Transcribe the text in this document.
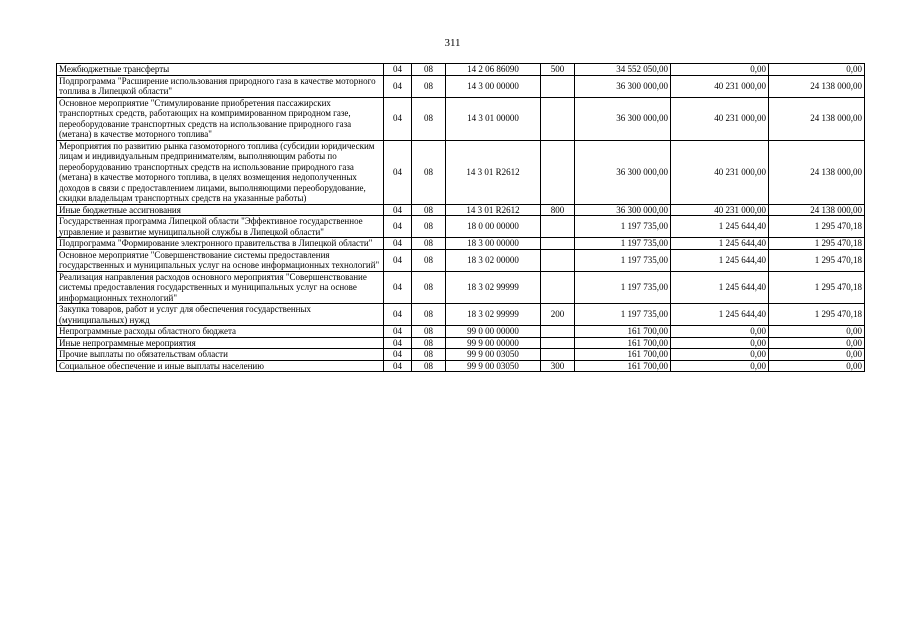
311
Межбюджетные трансферты	04	08	14 2 06 86090	500	34 552 050,00	0,00	0,00
Подпрограмма "Расширение использования природного газа в качестве моторного топлива в Липецкой области"	04	08	14 3 00 00000		36 300 000,00	40 231 000,00	24 138 000,00
Основное мероприятие "Стимулирование приобретения пассажирских транспортных средств, работающих на компримированном природном газе, переоборудование транспортных средств на использование природного газа (метана) в качестве моторного топлива"	04	08	14 3 01 00000		36 300 000,00	40 231 000,00	24 138 000,00
Мероприятия по развитию рынка газомоторного топлива (субсидии юридическим лицам и индивидуальным предпринимателям, выполняющим работы по переоборудованию транспортных средств на использование природного газа (метана) в качестве моторного топлива, в целях возмещения недополученных доходов в связи с предоставлением лицами, выполняющими переоборудование, скидки владельцам транспортных средств на указанные работы)	04	08	14 3 01 R2612		36 300 000,00	40 231 000,00	24 138 000,00
Иные бюджетные ассигнования	04	08	14 3 01 R2612	800	36 300 000,00	40 231 000,00	24 138 000,00
Государственная программа Липецкой области "Эффективное государственное управление и развитие муниципальной службы в Липецкой области"	04	08	18 0 00 00000		1 197 735,00	1 245 644,40	1 295 470,18
Подпрограмма "Формирование электронного правительства в Липецкой области"	04	08	18 3 00 00000		1 197 735,00	1 245 644,40	1 295 470,18
Основное мероприятие "Совершенствование системы предоставления государственных и муниципальных услуг на основе информационных технологий"	04	08	18 3 02 00000		1 197 735,00	1 245 644,40	1 295 470,18
Реализация направления расходов основного мероприятия "Совершенствование системы предоставления государственных и муниципальных услуг на основе информационных технологий"	04	08	18 3 02 99999		1 197 735,00	1 245 644,40	1 295 470,18
Закупка товаров, работ и услуг для обеспечения государственных (муниципальных) нужд	04	08	18 3 02 99999	200	1 197 735,00	1 245 644,40	1 295 470,18
Непрограммные расходы областного бюджета	04	08	99 0 00 00000		161 700,00	0,00	0,00
Иные непрограммные мероприятия	04	08	99 9 00 00000		161 700,00	0,00	0,00
Прочие выплаты по обязательствам области	04	08	99 9 00 03050		161 700,00	0,00	0,00
Социальное обеспечение и иные выплаты населению	04	08	99 9 00 03050	300	161 700,00	0,00	0,00
